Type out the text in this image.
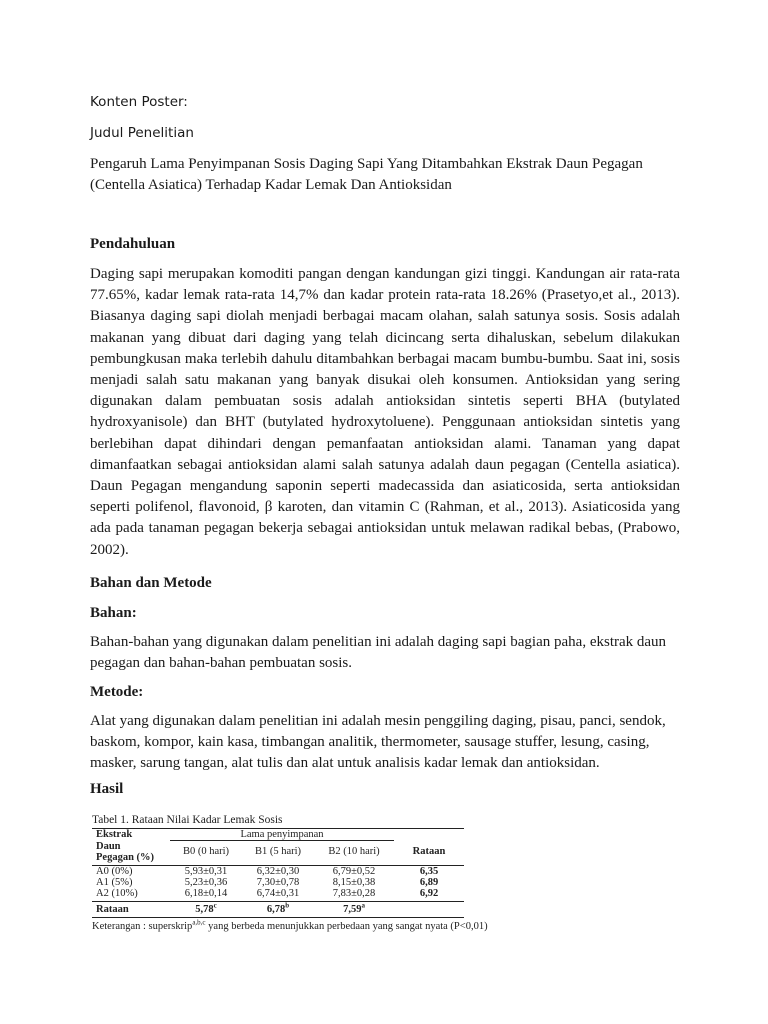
Konten Poster:
Judul Penelitian
Pengaruh Lama Penyimpanan Sosis Daging Sapi Yang Ditambahkan Ekstrak Daun Pegagan
(Centella Asiatica) Terhadap Kadar Lemak Dan Antioksidan
Pendahuluan
Daging sapi merupakan komoditi pangan dengan kandungan gizi tinggi. Kandungan air rata-rata 77.65%, kadar lemak rata-rata 14,7% dan kadar protein rata-rata 18.26% (Prasetyo,et al., 2013). Biasanya daging sapi diolah menjadi berbagai macam olahan, salah satunya sosis. Sosis adalah makanan yang dibuat dari daging yang telah dicincang serta dihaluskan, sebelum dilakukan pembungkusan maka terlebih dahulu ditambahkan berbagai macam bumbu-bumbu. Saat ini, sosis menjadi salah satu makanan yang banyak disukai oleh konsumen. Antioksidan yang sering digunakan dalam pembuatan sosis adalah antioksidan sintetis seperti BHA (butylated hydroxyanisole) dan BHT (butylated hydroxytoluene). Penggunaan antioksidan sintetis yang berlebihan dapat dihindari dengan pemanfaatan antioksidan alami. Tanaman yang dapat dimanfaatkan sebagai antioksidan alami salah satunya adalah daun pegagan (Centella asiatica). Daun Pegagan mengandung saponin seperti madecassida dan asiaticosida, serta antioksidan seperti polifenol, flavonoid, β karoten, dan vitamin C (Rahman, et al., 2013). Asiaticosida yang ada pada tanaman pegagan bekerja sebagai antioksidan untuk melawan radikal bebas, (Prabowo, 2002).
Bahan dan Metode
Bahan:
Bahan-bahan yang digunakan dalam penelitian ini adalah daging sapi bagian paha, ekstrak daun pegagan dan bahan-bahan pembuatan sosis.
Metode:
Alat yang digunakan dalam penelitian ini adalah mesin penggiling daging, pisau, panci, sendok, baskom, kompor, kain kasa, timbangan analitik, thermometer, sausage stuffer, lesung, casing, masker, sarung tangan, alat tulis dan alat untuk analisis kadar lemak dan antioksidan.
Hasil
Tabel 1. Rataan Nilai Kadar Lemak Sosis
Ekstrak	Lama penyimpanan			
Daun	B0 (0 hari)	B1 (5 hari)	B2 (10 hari)	Rataan
Pegagan (%)				

A0 (0%)	5,93±0,31	6,32±0,30	6,79±0,52	6,35
A1 (5%)	5,23±0,36	7,30±0,78	8,15±0,38	6,89
A2 (10%)	6,18±0,14	6,74±0,31	7,83±0,28	6,92

Rataan	5,78$^c$	6,78$^b$	7,59$^a$	
Keterangan : superskrip$^{a,b,c}$ yang berbeda menunjukkan perbedaan yang sangat nyata (P<0,01)
